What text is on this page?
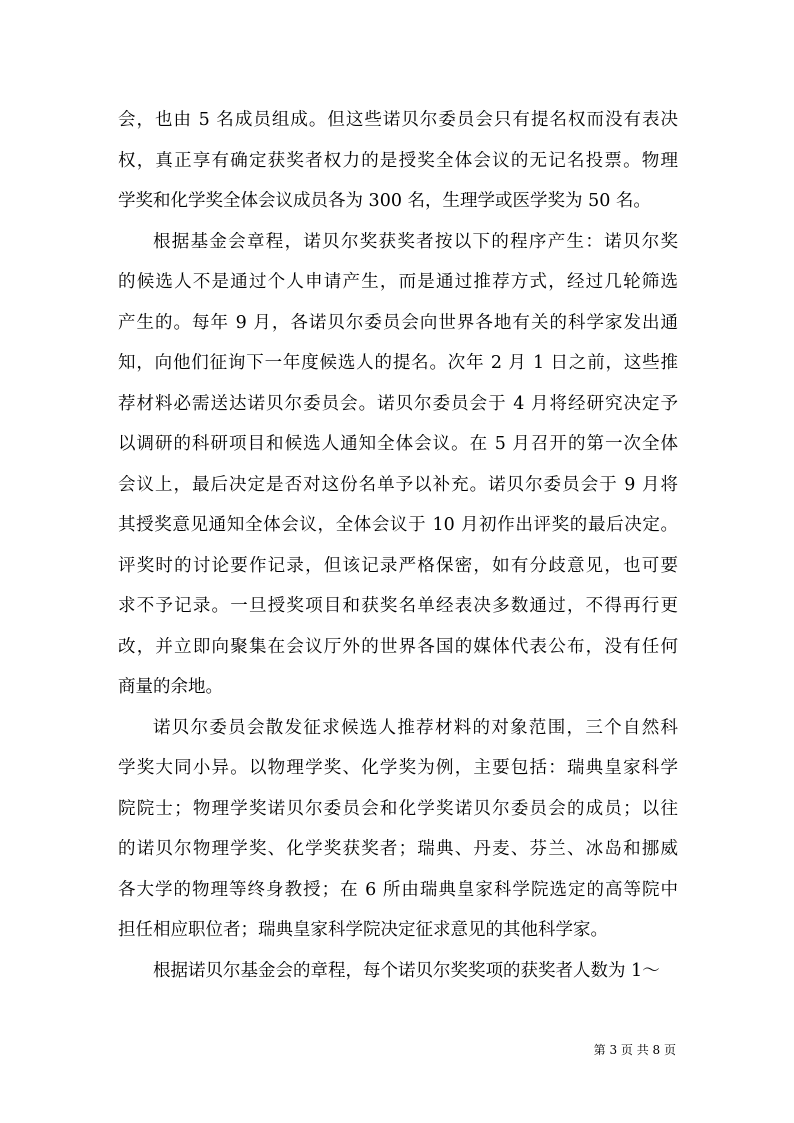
会，也由 5 名成员组成。但这些诺贝尔委员会只有提名权而没有表决
权，真正享有确定获奖者权力的是授奖全体会议的无记名投票。物理
学奖和化学奖全体会议成员各为 300 名，生理学或医学奖为 50 名。
根据基金会章程，诺贝尔奖获奖者按以下的程序产生：诺贝尔奖
的候选人不是通过个人申请产生，而是通过推荐方式，经过几轮筛选
产生的。每年 9 月，各诺贝尔委员会向世界各地有关的科学家发出通
知，向他们征询下一年度候选人的提名。次年 2 月 1 日之前，这些推
荐材料必需送达诺贝尔委员会。诺贝尔委员会于 4 月将经研究决定予
以调研的科研项目和候选人通知全体会议。在 5 月召开的第一次全体
会议上，最后决定是否对这份名单予以补充。诺贝尔委员会于 9 月将
其授奖意见通知全体会议，全体会议于 10 月初作出评奖的最后决定。
评奖时的讨论要作记录，但该记录严格保密，如有分歧意见，也可要
求不予记录。一旦授奖项目和获奖名单经表决多数通过，不得再行更
改，并立即向聚集在会议厅外的世界各国的媒体代表公布，没有任何
商量的余地。
诺贝尔委员会散发征求候选人推荐材料的对象范围，三个自然科
学奖大同小异。以物理学奖、化学奖为例，主要包括：瑞典皇家科学
院院士；物理学奖诺贝尔委员会和化学奖诺贝尔委员会的成员；以往
的诺贝尔物理学奖、化学奖获奖者；瑞典、丹麦、芬兰、冰岛和挪威
各大学的物理等终身教授；在 6 所由瑞典皇家科学院选定的高等院中
担任相应职位者；瑞典皇家科学院决定征求意见的其他科学家。
根据诺贝尔基金会的章程，每个诺贝尔奖奖项的获奖者人数为 1～
第 3 页 共 8 页
